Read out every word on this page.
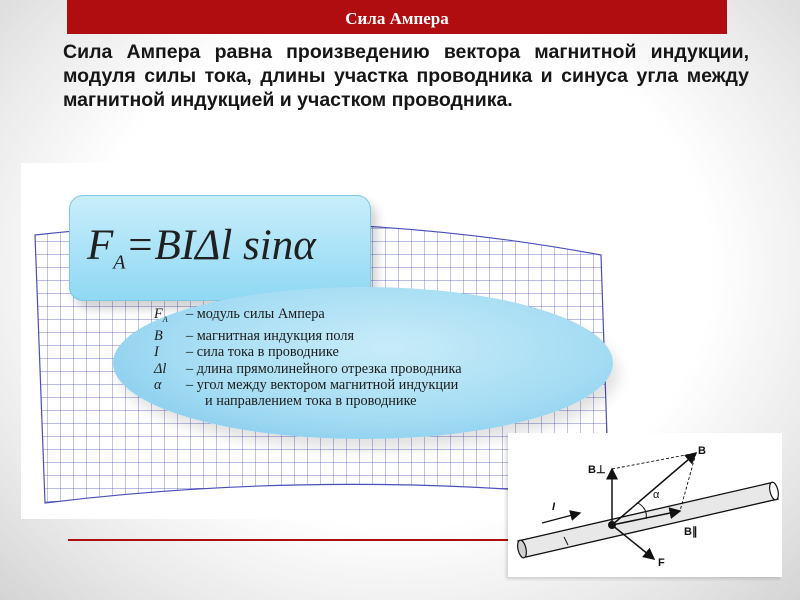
Сила Ампера
Сила Ампера равна произведению вектора магнитной индукции, модуля силы тока, длины участка проводника и синуса угла между магнитной индукцией и участком проводника.
$F_A=BI\Delta l$ sinα
$F_A$ – модуль силы Ампера
B – магнитная индукция поля
I – сила тока в проводнике
Δl – длина прямолинейного отрезка проводника
α – угол между вектором магнитной индукции
и направлением тока в проводнике
B⊥
B
α
I
B∥
F
